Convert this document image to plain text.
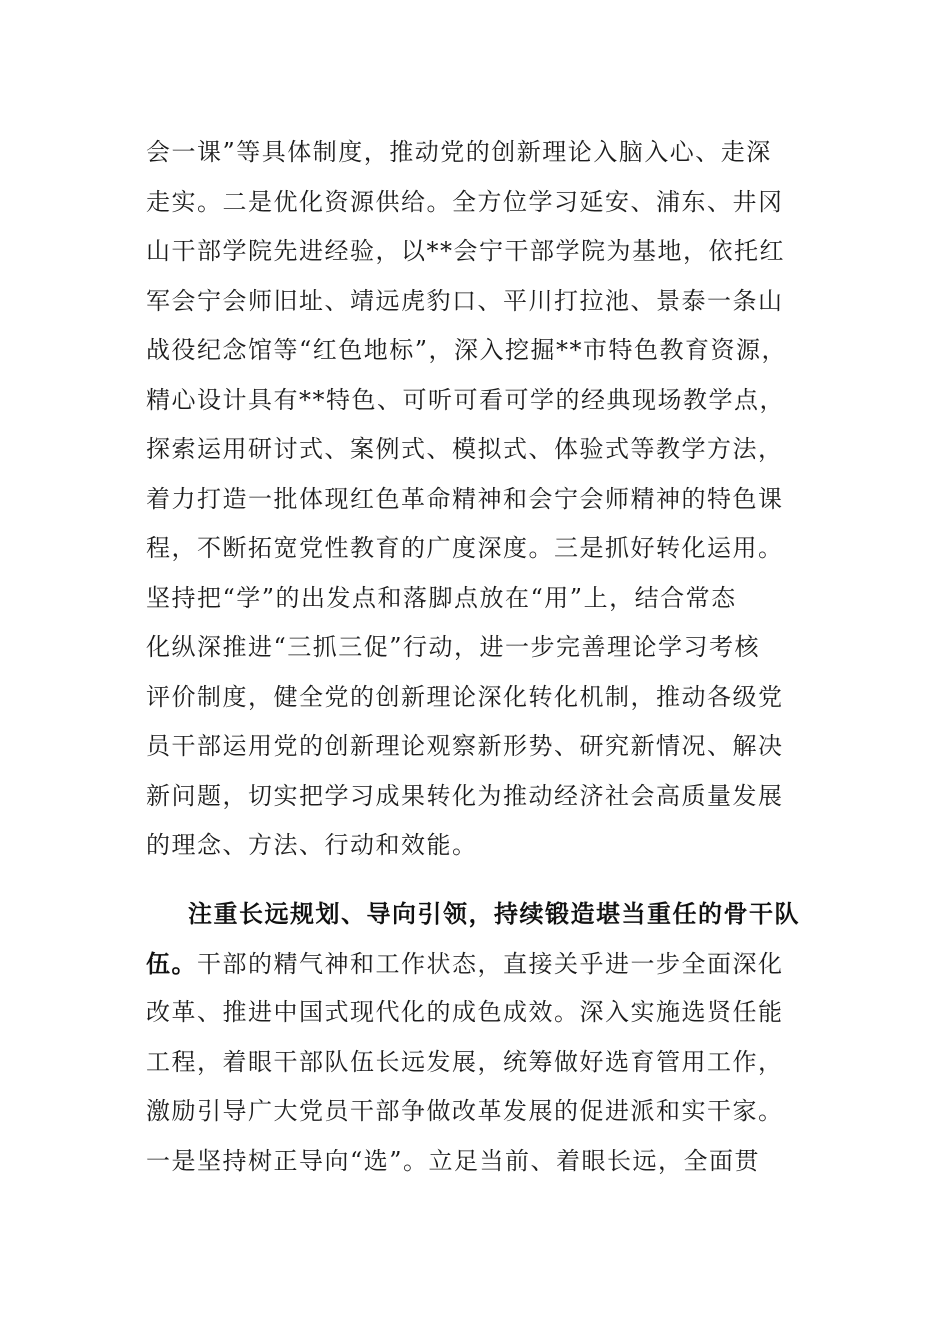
会一课”等具体制度，推动党的创新理论入脑入心、走深
走实。二是优化资源供给。全方位学习延安、浦东、井冈
山干部学院先进经验，以**会宁干部学院为基地，依托红
军会宁会师旧址、靖远虎豹口、平川打拉池、景泰一条山
战役纪念馆等“红色地标”，深入挖掘**市特色教育资源，
精心设计具有**特色、可听可看可学的经典现场教学点，
探索运用研讨式、案例式、模拟式、体验式等教学方法，
着力打造一批体现红色革命精神和会宁会师精神的特色课
程，不断拓宽党性教育的广度深度。三是抓好转化运用。
坚持把“学”的出发点和落脚点放在“用”上，结合常态
化纵深推进“三抓三促”行动，进一步完善理论学习考核
评价制度，健全党的创新理论深化转化机制，推动各级党
员干部运用党的创新理论观察新形势、研究新情况、解决
新问题，切实把学习成果转化为推动经济社会高质量发展
的理念、方法、行动和效能。
注重长远规划、导向引领，持续锻造堪当重任的骨干队
伍。干部的精气神和工作状态，直接关乎进一步全面深化
改革、推进中国式现代化的成色成效。深入实施选贤任能
工程，着眼干部队伍长远发展，统筹做好选育管用工作，
激励引导广大党员干部争做改革发展的促进派和实干家。
一是坚持树正导向“选”。立足当前、着眼长远，全面贯
